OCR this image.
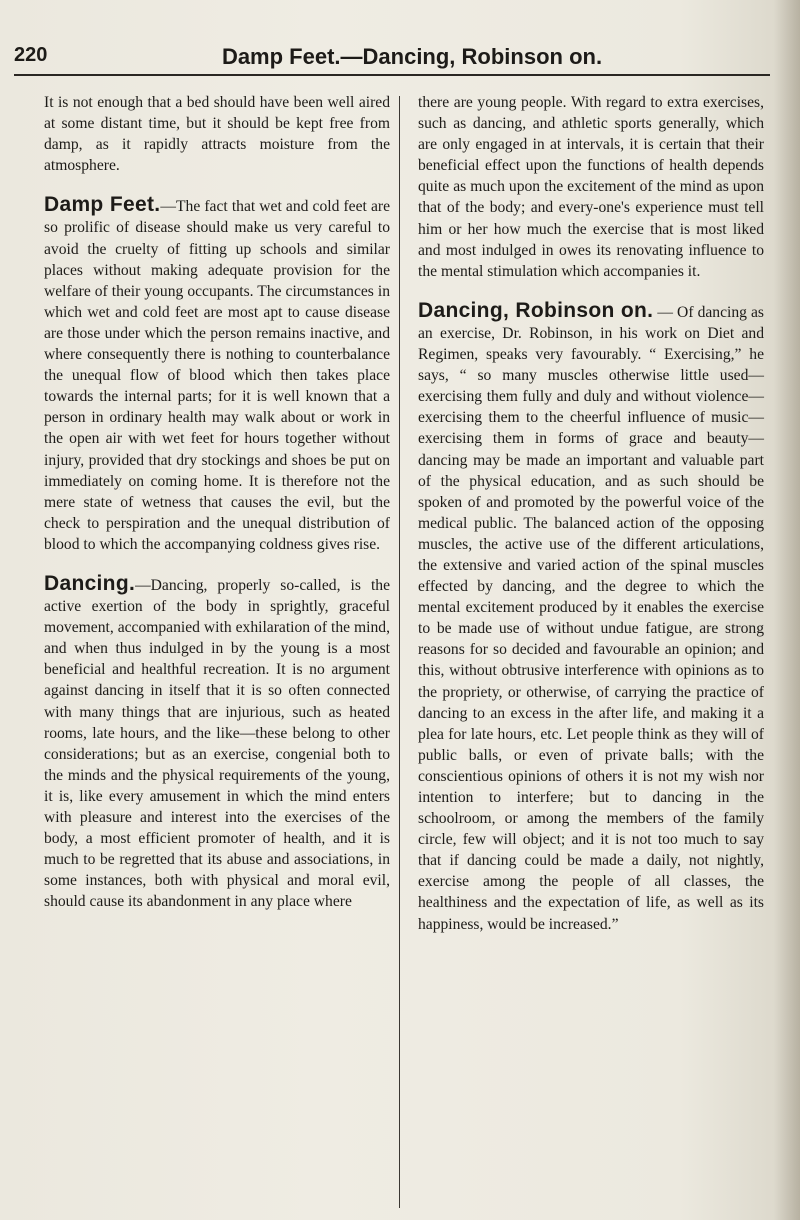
220	Damp Feet.—Dancing, Robinson on.

It is not enough that a bed should have been well aired at some distant time, but it should be kept free from damp, as it rapidly attracts moisture from the atmosphere.

Damp Feet.—The fact that wet and cold feet are so prolific of disease should make us very careful to avoid the cruelty of fitting up schools and similar places without making adequate provision for the welfare of their young occupants. The circumstances in which wet and cold feet are most apt to cause disease are those under which the person remains inactive, and where consequently there is nothing to counterbalance the unequal flow of blood which then takes place towards the internal parts; for it is well known that a person in ordinary health may walk about or work in the open air with wet feet for hours together without injury, provided that dry stockings and shoes be put on immediately on coming home. It is therefore not the mere state of wetness that causes the evil, but the check to perspiration and the unequal distribution of blood to which the accompanying coldness gives rise.

Dancing.—Dancing, properly so-called, is the active exertion of the body in sprightly, graceful movement, accompanied with exhilaration of the mind, and when thus indulged in by the young is a most beneficial and healthful recreation. It is no argument against dancing in itself that it is so often connected with many things that are injurious, such as heated rooms, late hours, and the like—these belong to other considerations; but as an exercise, congenial both to the minds and the physical requirements of the young, it is, like every amusement in which the mind enters with pleasure and interest into the exercises of the body, a most efficient promoter of health, and it is much to be regretted that its abuse and associations, in some instances, both with physical and moral evil, should cause its abandonment in any place where

there are young people. With regard to extra exercises, such as dancing, and athletic sports generally, which are only engaged in at intervals, it is certain that their beneficial effect upon the functions of health depends quite as much upon the excitement of the mind as upon that of the body; and every-one's experience must tell him or her how much the exercise that is most liked and most indulged in owes its renovating influence to the mental stimulation which accompanies it.

Dancing, Robinson on. — Of dancing as an exercise, Dr. Robinson, in his work on Diet and Regimen, speaks very favourably. “ Exercising,” he says, “ so many muscles otherwise little used—exercising them fully and duly and without violence—exercising them to the cheerful influence of music—exercising them in forms of grace and beauty—dancing may be made an important and valuable part of the physical education, and as such should be spoken of and promoted by the powerful voice of the medical public. The balanced action of the opposing muscles, the active use of the different articulations, the extensive and varied action of the spinal muscles effected by dancing, and the degree to which the mental excitement produced by it enables the exercise to be made use of without undue fatigue, are strong reasons for so decided and favourable an opinion; and this, without obtrusive interference with opinions as to the propriety, or otherwise, of carrying the practice of dancing to an excess in the after life, and making it a plea for late hours, etc. Let people think as they will of public balls, or even of private balls; with the conscientious opinions of others it is not my wish nor intention to interfere; but to dancing in the schoolroom, or among the members of the family circle, few will object; and it is not too much to say that if dancing could be made a daily, not nightly, exercise among the people of all classes, the healthiness and the expectation of life, as well as its happiness, would be increased.”
